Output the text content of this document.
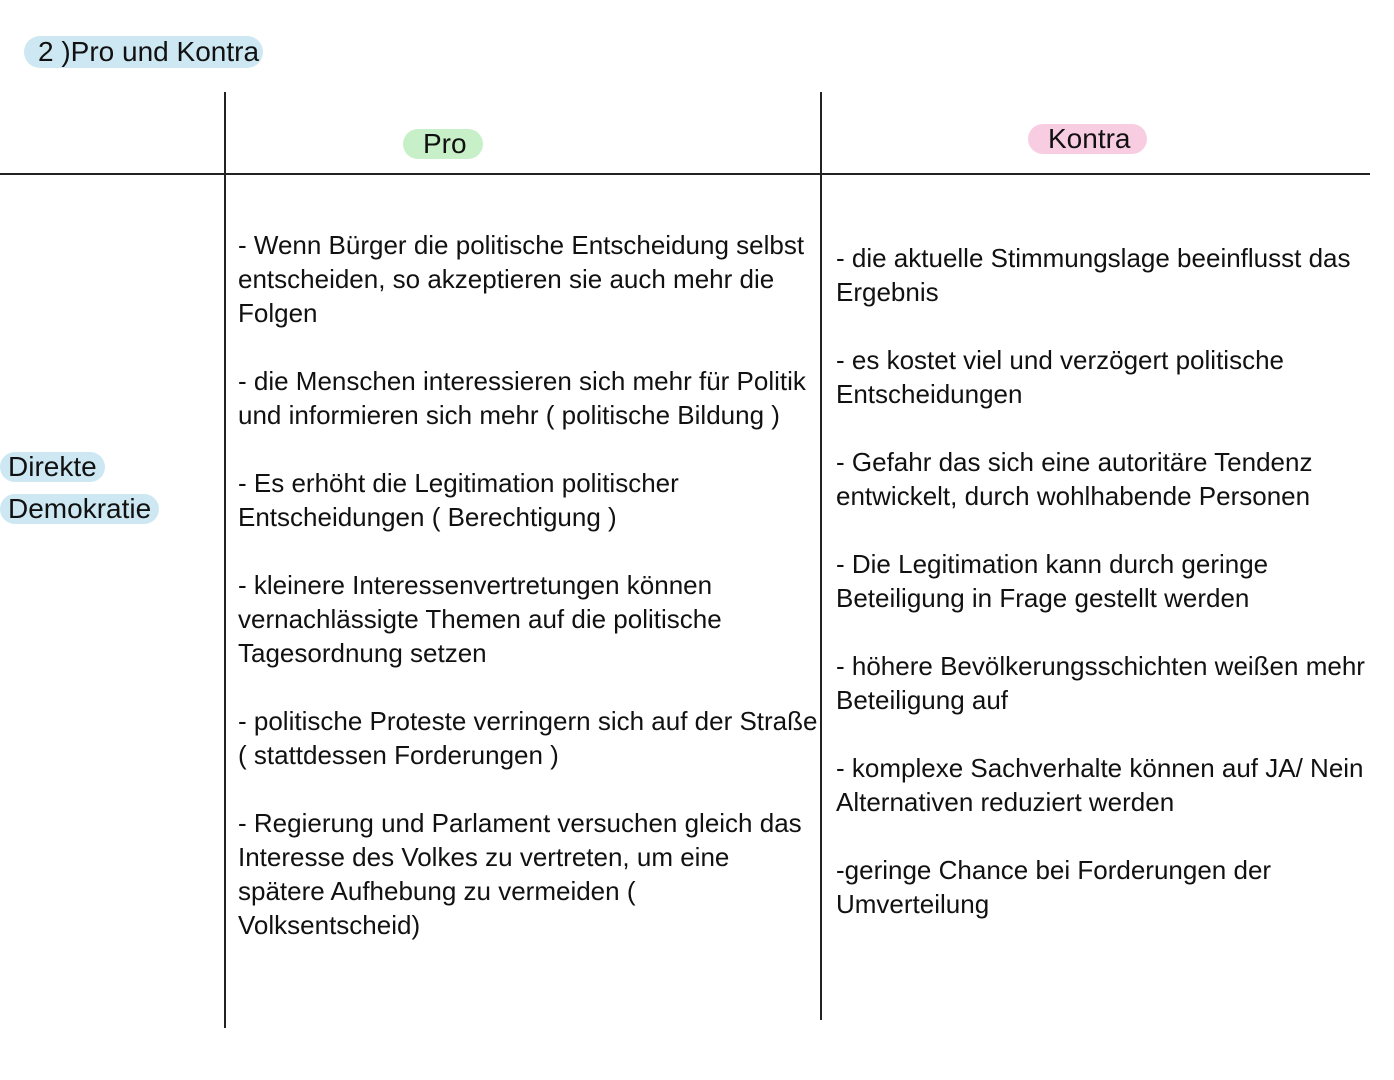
2 )Pro und Kontra
Pro	Kontra
Direkte
Demokratie
- Wenn Bürger die politische Entscheidung selbst entscheiden, so akzeptieren sie auch mehr die Folgen
- die Menschen interessieren sich mehr für Politik und informieren sich mehr ( politische Bildung )
- Es erhöht die Legitimation politischer Entscheidungen ( Berechtigung )
- kleinere Interessenvertretungen können vernachlässigte Themen auf die politische Tagesordnung setzen
- politische Proteste verringern sich auf der Straße ( stattdessen Forderungen )
- Regierung und Parlament versuchen gleich das Interesse des Volkes zu vertreten, um eine spätere Aufhebung zu vermeiden ( Volksentscheid)
- die aktuelle Stimmungslage beeinflusst das Ergebnis
- es kostet viel und verzögert politische Entscheidungen
- Gefahr das sich eine autoritäre Tendenz entwickelt, durch wohlhabende Personen
- Die Legitimation kann durch geringe Beteiligung in Frage gestellt werden
- höhere Bevölkerungsschichten weißen mehr Beteiligung auf
- komplexe Sachverhalte können auf JA/ Nein Alternativen reduziert werden
-geringe Chance bei Forderungen der Umverteilung
